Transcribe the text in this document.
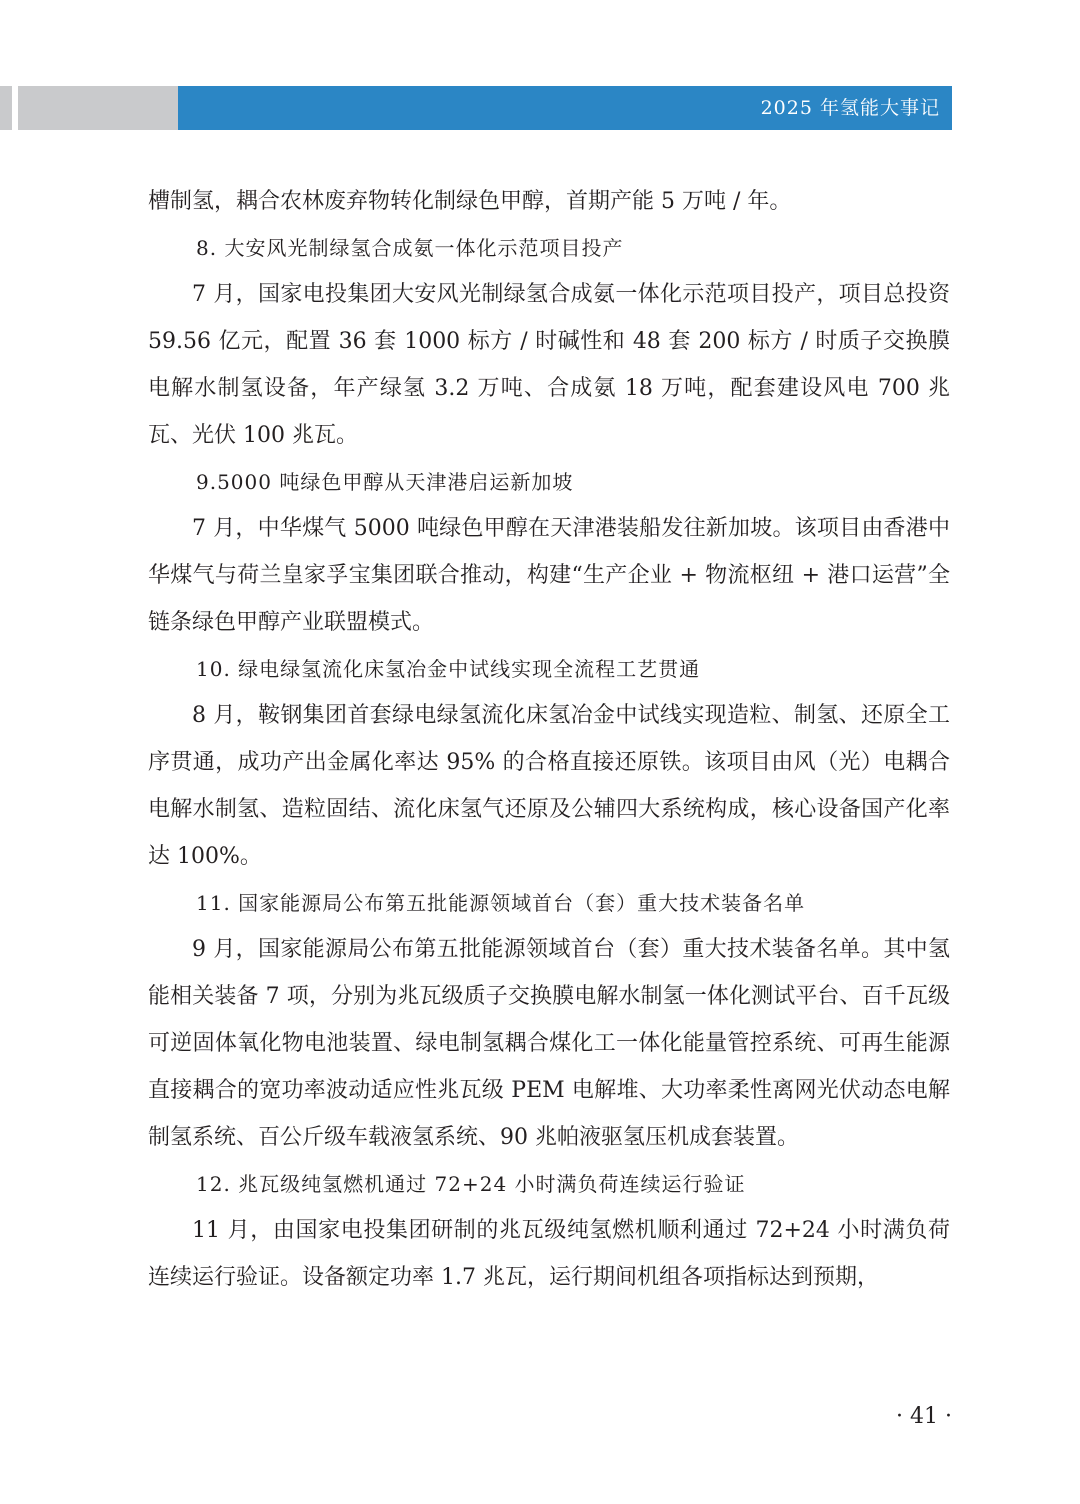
2025 年氢能大事记

槽制氢，耦合农林废弃物转化制绿色甲醇，首期产能 5 万吨 / 年。

8. 大安风光制绿氢合成氨一体化示范项目投产

7 月，国家电投集团大安风光制绿氢合成氨一体化示范项目投产，项目总投资 59.56 亿元，配置 36 套 1000 标方 / 时碱性和 48 套 200 标方 / 时质子交换膜电解水制氢设备，年产绿氢 3.2 万吨、合成氨 18 万吨，配套建设风电 700 兆瓦、光伏 100 兆瓦。

9.5000 吨绿色甲醇从天津港启运新加坡

7 月，中华煤气 5000 吨绿色甲醇在天津港装船发往新加坡。该项目由香港中华煤气与荷兰皇家孚宝集团联合推动，构建“生产企业 + 物流枢纽 + 港口运营”全链条绿色甲醇产业联盟模式。

10. 绿电绿氢流化床氢冶金中试线实现全流程工艺贯通

8 月，鞍钢集团首套绿电绿氢流化床氢冶金中试线实现造粒、制氢、还原全工序贯通，成功产出金属化率达 95% 的合格直接还原铁。该项目由风（光）电耦合电解水制氢、造粒固结、流化床氢气还原及公辅四大系统构成，核心设备国产化率达 100%。

11. 国家能源局公布第五批能源领域首台（套）重大技术装备名单

9 月，国家能源局公布第五批能源领域首台（套）重大技术装备名单。其中氢能相关装备 7 项，分别为兆瓦级质子交换膜电解水制氢一体化测试平台、百千瓦级可逆固体氧化物电池装置、绿电制氢耦合煤化工一体化能量管控系统、可再生能源直接耦合的宽功率波动适应性兆瓦级 PEM 电解堆、大功率柔性离网光伏动态电解制氢系统、百公斤级车载液氢系统、90 兆帕液驱氢压机成套装置。

12. 兆瓦级纯氢燃机通过 72+24 小时满负荷连续运行验证

11 月，由国家电投集团研制的兆瓦级纯氢燃机顺利通过 72+24 小时满负荷连续运行验证。设备额定功率 1.7 兆瓦，运行期间机组各项指标达到预期，

· 41 ·
